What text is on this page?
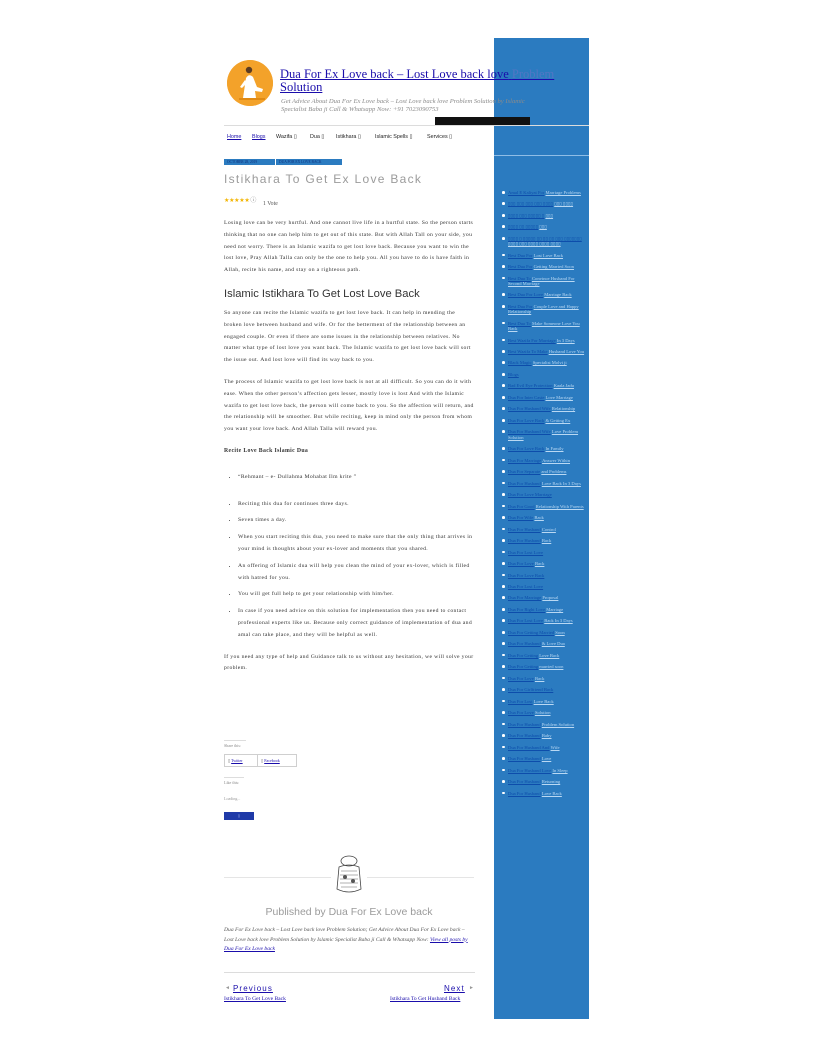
Amal E Kaliyat For Marriage Problems
▯▯▯ ▯▯▯ ▯▯▯ ▯▯▯ ▯▯▯▯ ▯▯▯ ▯▯▯▯
▯▯▯▯ ▯▯▯ ▯▯▯▯▯ ▯ ▯▯▯
▯▯▯▯ ▯▯ ▯▯▯▯▯ ▯▯▯
▯▯▯▯ ▯ ▯▯▯▯▯ ▯▯ ▯▯ ▯▯ ▯▯▯ ▯▯▯▯▯▯▯ ▯▯▯▯ ▯▯▯ ▯▯▯▯ ▯▯▯▯ ▯▯▯▯
Best Dua For Lost Love Back
Best Dua For Getting Married Soon
Best Dua To Convince Husband For Second Marriage
Best Dua For Love Marriage Back
Best Dua For Couple Love and Happy Relationship
Best Dua To Make Someone Love You Back
Best Wazifa For Marriage In 3 Days
Best Wazifa To Make Husband Love You
Black Magic Specialist Molvi ji
Blogs
Bad Evil Eye Protection Kaala Jadu
Dua For Inter Caste Love Marriage
Dua For Husband Wife Relationship
Dua For Love Back & Getting Ex
Dua For Husband Wife Love Problem Solution
Dua For Love Back In Family
Dua For Marriage Answer Within
Dua For Separate and Problems
Dua For Husband Love Back In 3 Days
Dua For Love Marriage
Dua For Good Relationship With Parents
Dua For Wife Back
Dua For Husband Control
Dua For Husband Back
Dua For Lost Love
Dua For Love Back
Dua For Love Back
Dua For Lost Love
Dua For Marriage Proposal
Dua For Right Love Marriage
Dua For Lost Love Back In 3 Days
Dua For Getting Married Soon
Dua For Husband & Love Dua
Dua For Getting Love Back
Dua For Getting married soon
Dua For Love Back
Dua For Girlfriend Back
Dua For Lost Love Back
Dua For Love Solution
Dua For Husband Problem Solution
Dua For Husband Baby
Dua For Husband And Wife
Dua For Husband Love
Dua For Husband Love In Sleep
Dua For Husband Returning
Dua For Husband Love Back
Dua For Ex Love back – Lost Love back love Problem
Solution
Get Advice About Dua For Ex Love back – Lost Love back love Problem Solution by Islamic Specialist Baba ji Call & Whatsapp Now: +91 7023090753
Home Blogs Wazifa ▯ Dua ▯ Istikhara ▯	Islamic Spells ▯	Services ▯
OCTOBER 28, 2019	DUA FOR EX LOVE BACK
Istikhara To Get Ex Love Back
★★★★★ⓘ 1 Vote

Losing love can be very hurtful. And one cannot live life in a hurtful state. So the person starts thinking that no one can help him to get out of this state. But with Allah Tall on your side, you need not worry. There is an Islamic wazifa to get lost love back. Because you want to win the lost love, Pray Allah Talla can only be the one to help you. All you have to do is have faith in Allah, recite his name, and stay on a righteous path.

Islamic Istikhara To Get Lost Love Back

So anyone can recite the Islamic wazifa to get lost love back. It can help in mending the broken love between husband and wife. Or for the betterment of the relationship between an engaged couple. Or even if there are some issues in the relationship between relatives. No matter what type of lost love you want back. The Islamic wazifa to get lost love back will sort the issue out. And lost love will find its way back to you.

The process of Islamic wazifa to get lost love back is not at all difficult. So you can do it with ease. When the other person’s affection gets lesser, mostly love is lost And with the Islamic wazifa to get lost love back, the person will come back to you. So the affection will return, and the relationship will be smoother. But while reciting, keep in mind only the person from whom you want your love back. And Allah Talla will reward you.

Recite Love Back Islamic Dua
• “Rehmant – e- Dullahma Mohabat Ilm krite ”
• Reciting this dua for continues three days.
• Seven times a day.
• When you start reciting this dua, you need to make sure that the only thing that arrives in your mind is thoughts about your ex-lover and moments that you shared.
• An offering of Islamic dua will help you clean the mind of your ex-lover, which is filled with hatred for you.
• You will get full help to get your relationship with him/her.
• In case if you need advice on this solution for implementation then you need to contact professional experts like us. Because only correct guidance of implementation of dua and amal can take place, and they will be helpful as well.

If you need any type of help and Guidance talk to us without any hesitation, we will solve your problem.

Share this:
▯ Twitter	▯ Facebook
Like this:
Loading...
▯
Published by Dua For Ex Love back
Dua For Ex Love back – Lost Love back love Problem Solution; Get Advice About Dua For Ex Love back – Lost Love back love Problem Solution by Islamic Specialist Baba ji Call & Whatsapp Now: View all posts by Dua For Ex Love back
◄ Previous	Next ►
Istikhara To Get Love Back	Istikhara To Get Husband Back
